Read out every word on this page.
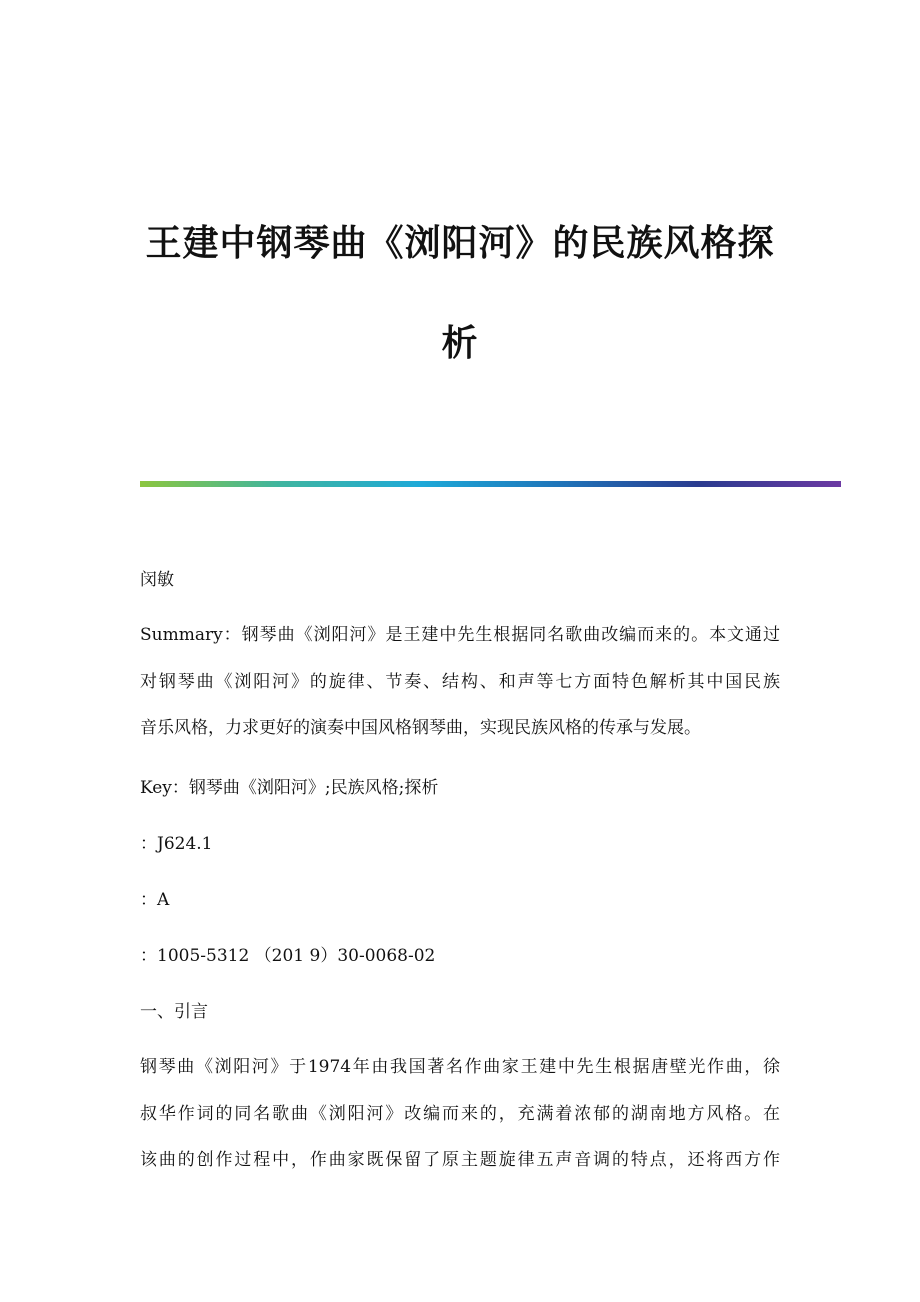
王建中钢琴曲《浏阳河》的民族风格探
析

闵敏

Summary：钢琴曲《浏阳河》是王建中先生根据同名歌曲改编而来的。本文通过
对钢琴曲《浏阳河》的旋律、节奏、结构、和声等七方面特色解析其中国民族
音乐风格，力求更好的演奏中国风格钢琴曲，实现民族风格的传承与发展。

Key：钢琴曲《浏阳河》;民族风格;探析

：J624.1

：A

：1005-5312 （201 9）30-0068-02

一、引言

钢琴曲《浏阳河》于1974年由我国著名作曲家王建中先生根据唐壁光作曲，徐
叔华作词的同名歌曲《浏阳河》改编而来的，充满着浓郁的湖南地方风格。在
该曲的创作过程中，作曲家既保留了原主题旋律五声音调的特点，还将西方作
